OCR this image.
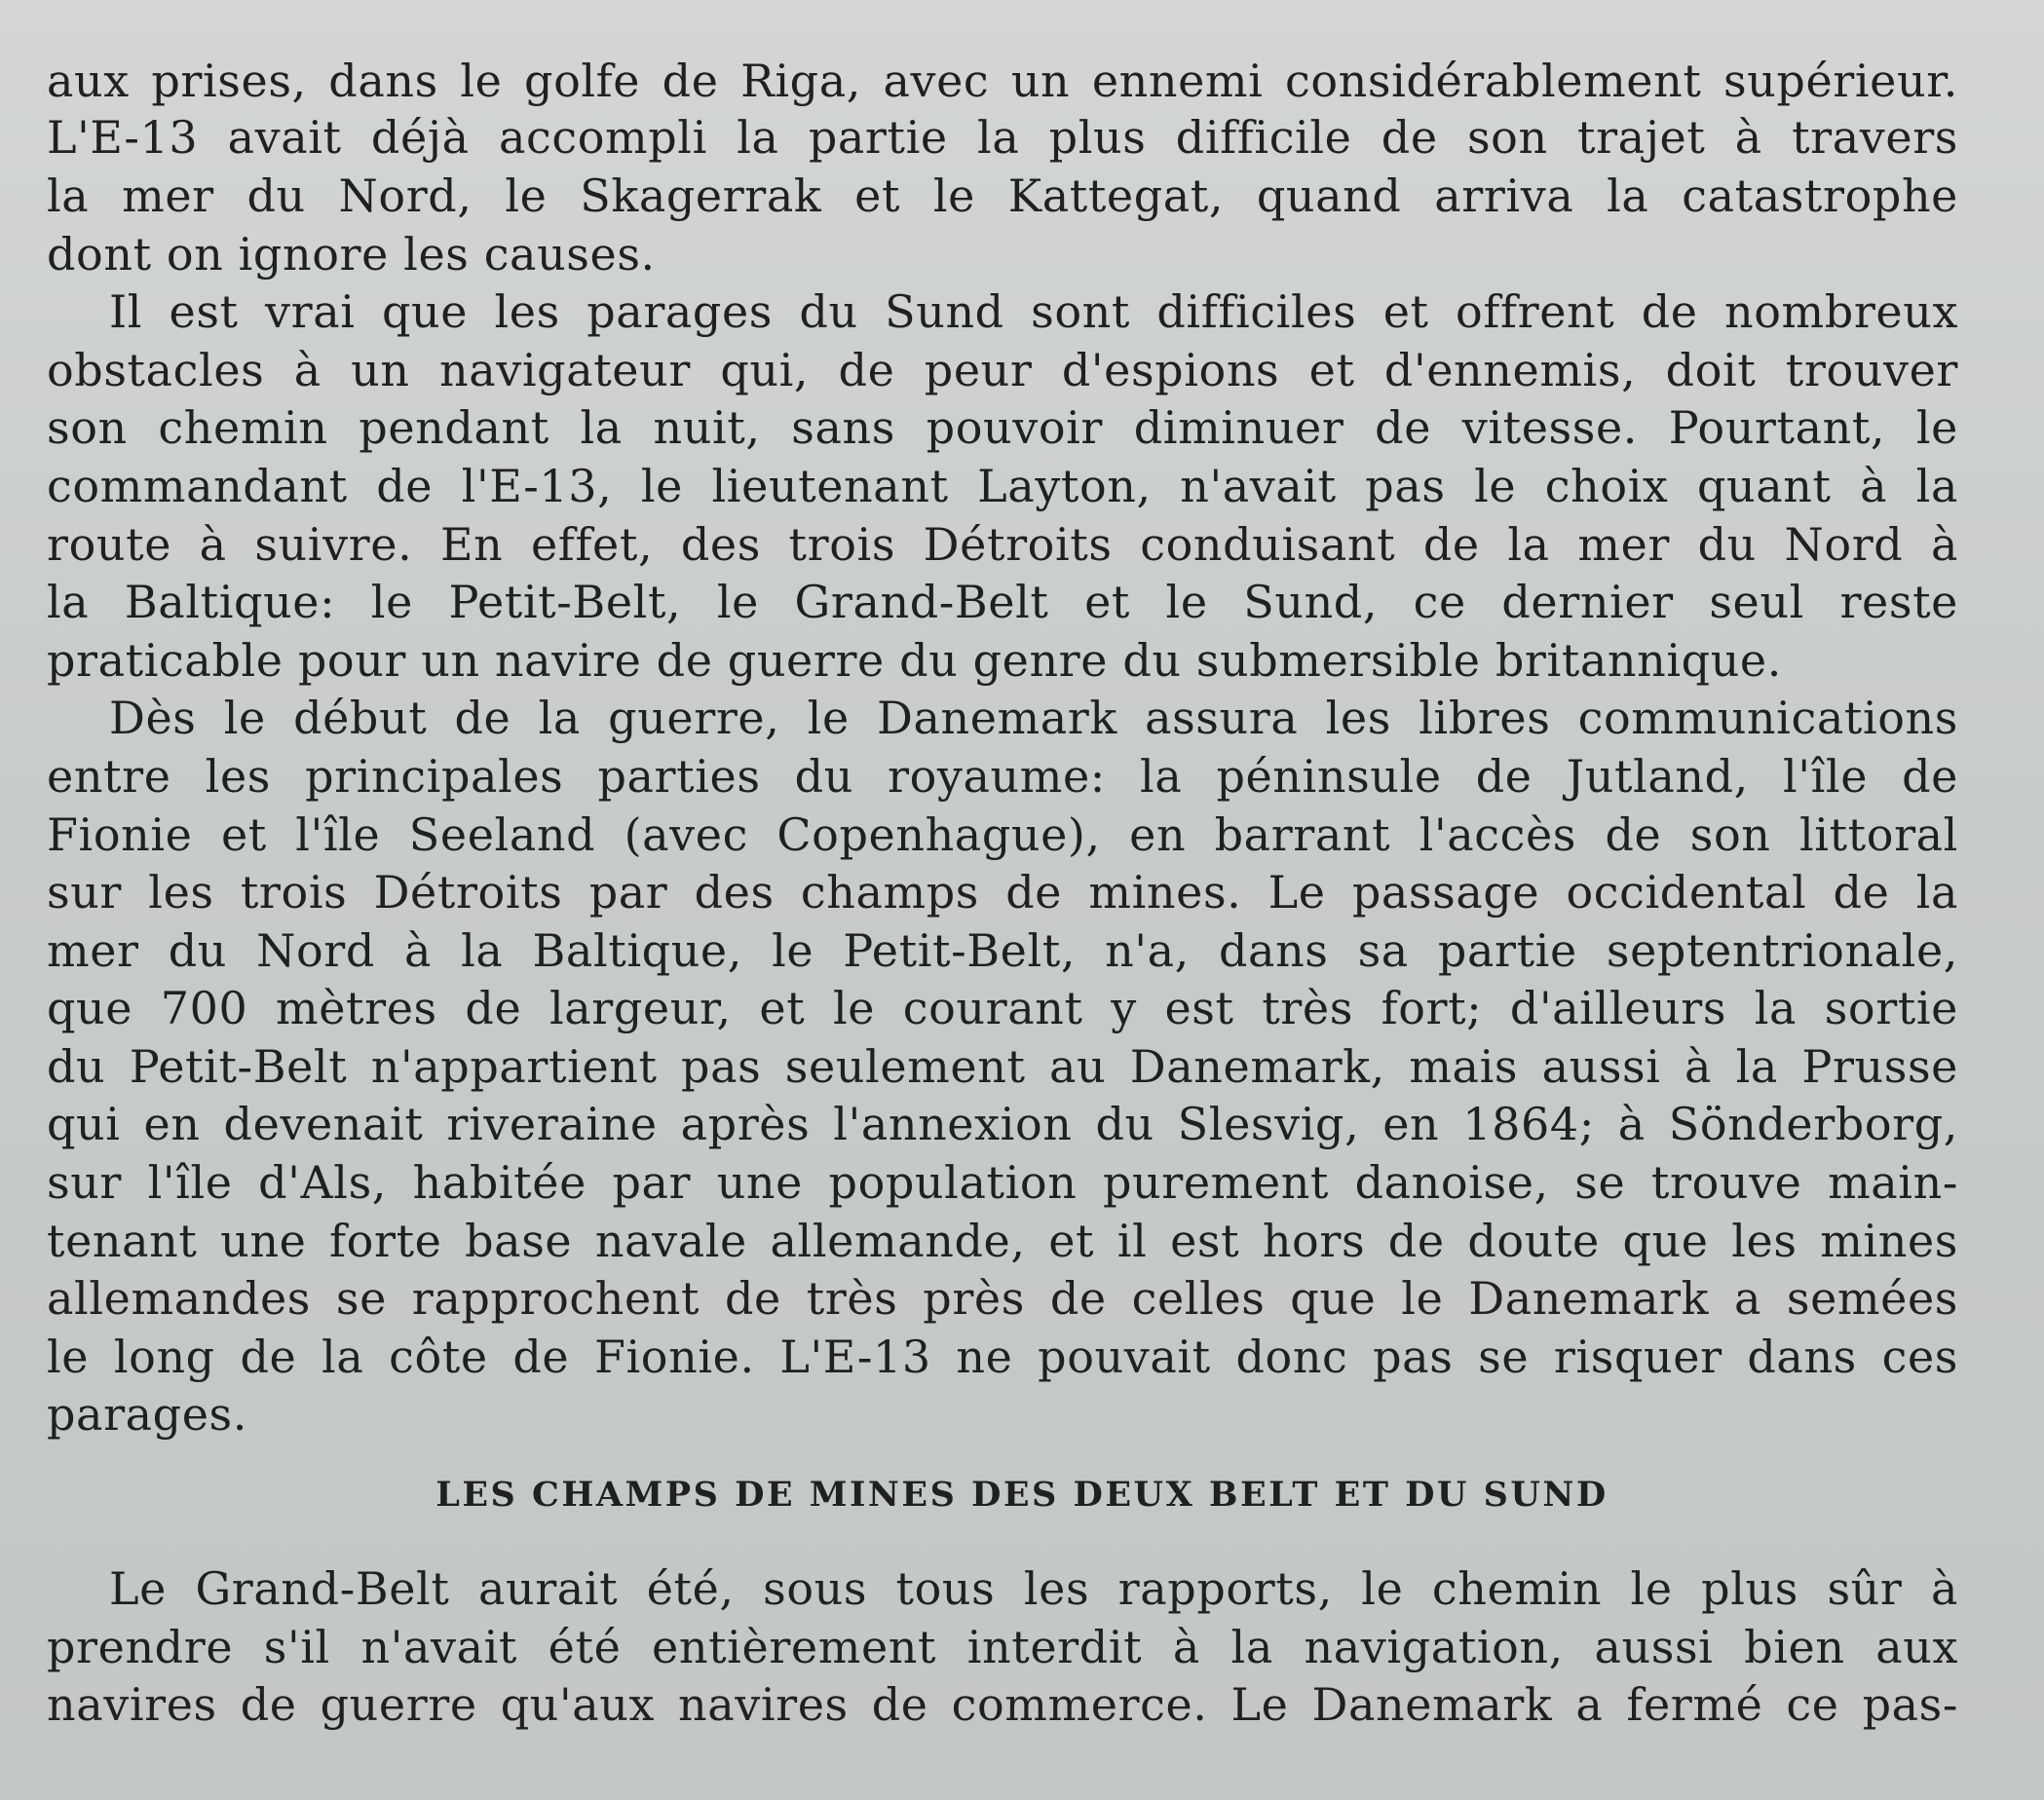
aux prises, dans le golfe de Riga, avec un ennemi considérablement supérieur.
L'E-13 avait déjà accompli la partie la plus difficile de son trajet à travers
la mer du Nord, le Skagerrak et le Kattegat, quand arriva la catastrophe
dont on ignore les causes.
Il est vrai que les parages du Sund sont difficiles et offrent de nombreux
obstacles à un navigateur qui, de peur d'espions et d'ennemis, doit trouver
son chemin pendant la nuit, sans pouvoir diminuer de vitesse. Pourtant, le
commandant de l'E-13, le lieutenant Layton, n'avait pas le choix quant à la
route à suivre. En effet, des trois Détroits conduisant de la mer du Nord à
la Baltique: le Petit-Belt, le Grand-Belt et le Sund, ce dernier seul reste
praticable pour un navire de guerre du genre du submersible britannique.
Dès le début de la guerre, le Danemark assura les libres communications
entre les principales parties du royaume: la péninsule de Jutland, l'île de
Fionie et l'île Seeland (avec Copenhague), en barrant l'accès de son littoral
sur les trois Détroits par des champs de mines. Le passage occidental de la
mer du Nord à la Baltique, le Petit-Belt, n'a, dans sa partie septentrionale,
que 700 mètres de largeur, et le courant y est très fort; d'ailleurs la sortie
du Petit-Belt n'appartient pas seulement au Danemark, mais aussi à la Prusse
qui en devenait riveraine après l'annexion du Slesvig, en 1864; à Sönderborg,
sur l'île d'Als, habitée par une population purement danoise, se trouve main-
tenant une forte base navale allemande, et il est hors de doute que les mines
allemandes se rapprochent de très près de celles que le Danemark a semées
le long de la côte de Fionie. L'E-13 ne pouvait donc pas se risquer dans ces
parages.
LES CHAMPS DE MINES DES DEUX BELT ET DU SUND
Le Grand-Belt aurait été, sous tous les rapports, le chemin le plus sûr à
prendre s'il n'avait été entièrement interdit à la navigation, aussi bien aux
navires de guerre qu'aux navires de commerce. Le Danemark a fermé ce pas-
